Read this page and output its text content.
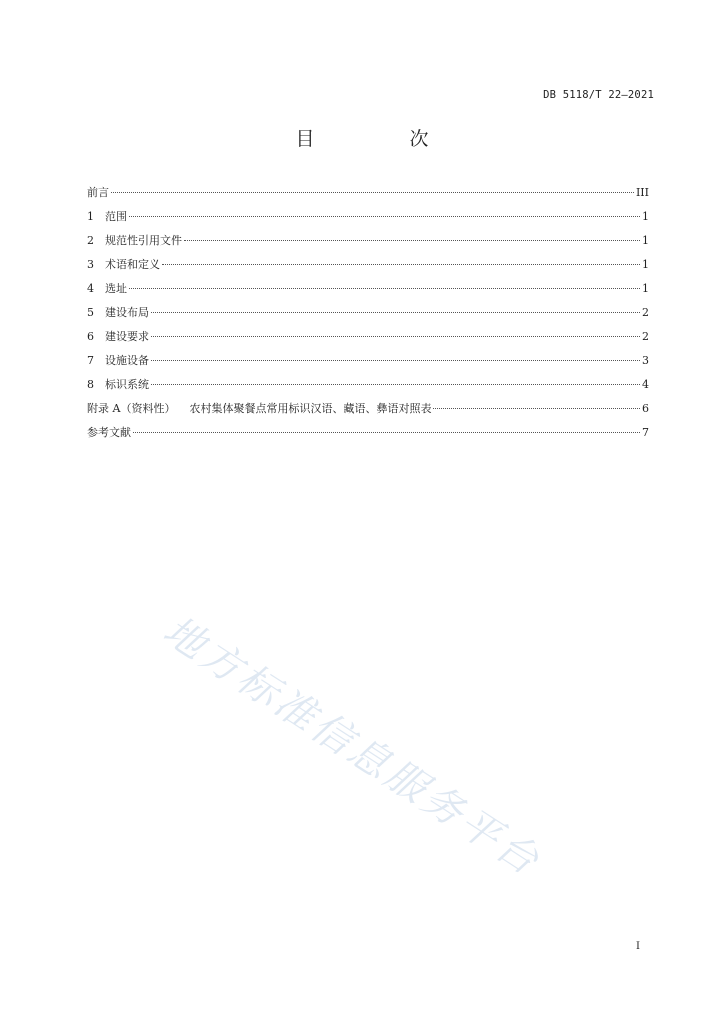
DB 5118/T 22—2021
目　次
前言	III
1 范围	1
2 规范性引用文件	1
3 术语和定义	1
4 选址	1
5 建设布局	2
6 建设要求	2
7 设施设备	3
8 标识系统	4
附录 A（资料性） 农村集体聚餐点常用标识汉语、藏语、彝语对照表	6
参考文献	7
地方标准信息服务平台
I
